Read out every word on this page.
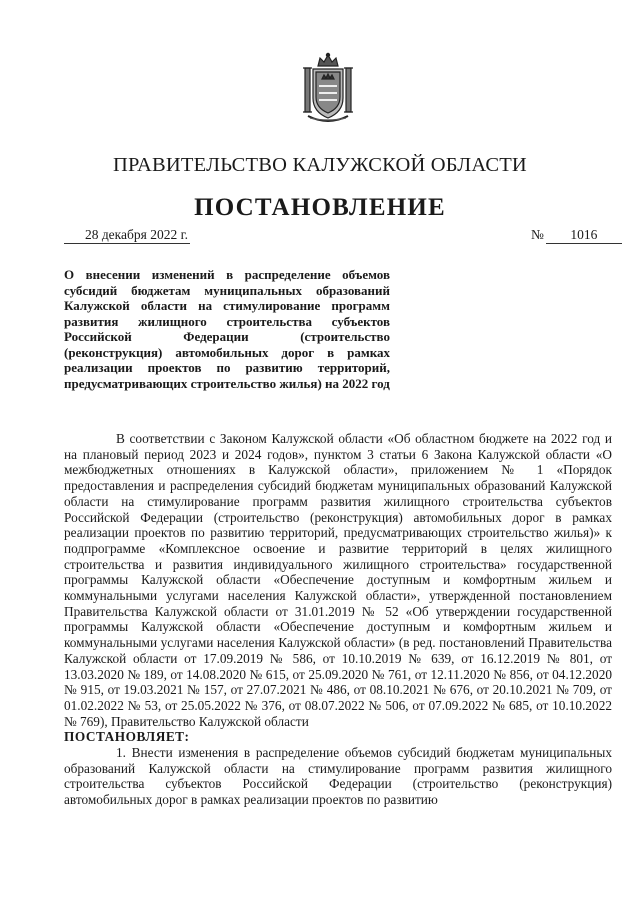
ПРАВИТЕЛЬСТВО КАЛУЖСКОЙ ОБЛАСТИ
ПОСТАНОВЛЕНИЕ
28 декабря 2022 г.	№ 1016
О внесении изменений в распределение объемов субсидий бюджетам муниципальных образований Калужской области на стимулирование программ развития жилищного строительства субъектов Российской Федерации (строительство (реконструкция) автомобильных дорог в рамках реализации проектов по развитию территорий, предусматривающих строительство жилья) на 2022 год

В соответствии с Законом Калужской области «Об областном бюджете на 2022 год и на плановый период 2023 и 2024 годов», пунктом 3 статьи 6 Закона Калужской области «О межбюджетных отношениях в Калужской области», приложением № 1 «Порядок предоставления и распределения субсидий бюджетам муниципальных образований Калужской области на стимулирование программ развития жилищного строительства субъектов Российской Федерации (строительство (реконструкция) автомобильных дорог в рамках реализации проектов по развитию территорий, предусматривающих строительство жилья)» к подпрограмме «Комплексное освоение и развитие территорий в целях жилищного строительства и развития индивидуального жилищного строительства» государственной программы Калужской области «Обеспечение доступным и комфортным жильем и коммунальными услугами населения Калужской области», утвержденной постановлением Правительства Калужской области от 31.01.2019 № 52 «Об утверждении государственной программы Калужской области «Обеспечение доступным и комфортным жильем и коммунальными услугами населения Калужской области» (в ред. постановлений Правительства Калужской области от 17.09.2019 № 586, от 10.10.2019 № 639, от 16.12.2019 № 801, от 13.03.2020 № 189, от 14.08.2020 № 615, от 25.09.2020 № 761, от 12.11.2020 № 856, от 04.12.2020 № 915, от 19.03.2021 № 157, от 27.07.2021 № 486, от 08.10.2021 № 676, от 20.10.2021 № 709, от 01.02.2022 № 53, от 25.05.2022 № 376, от 08.07.2022 № 506, от 07.09.2022 № 685, от 10.10.2022 № 769), Правительство Калужской области

ПОСТАНОВЛЯЕТ:

1. Внести изменения в распределение объемов субсидий бюджетам муниципальных образований Калужской области на стимулирование программ развития жилищного строительства субъектов Российской Федерации (строительство (реконструкция) автомобильных дорог в рамках реализации проектов по развитию
